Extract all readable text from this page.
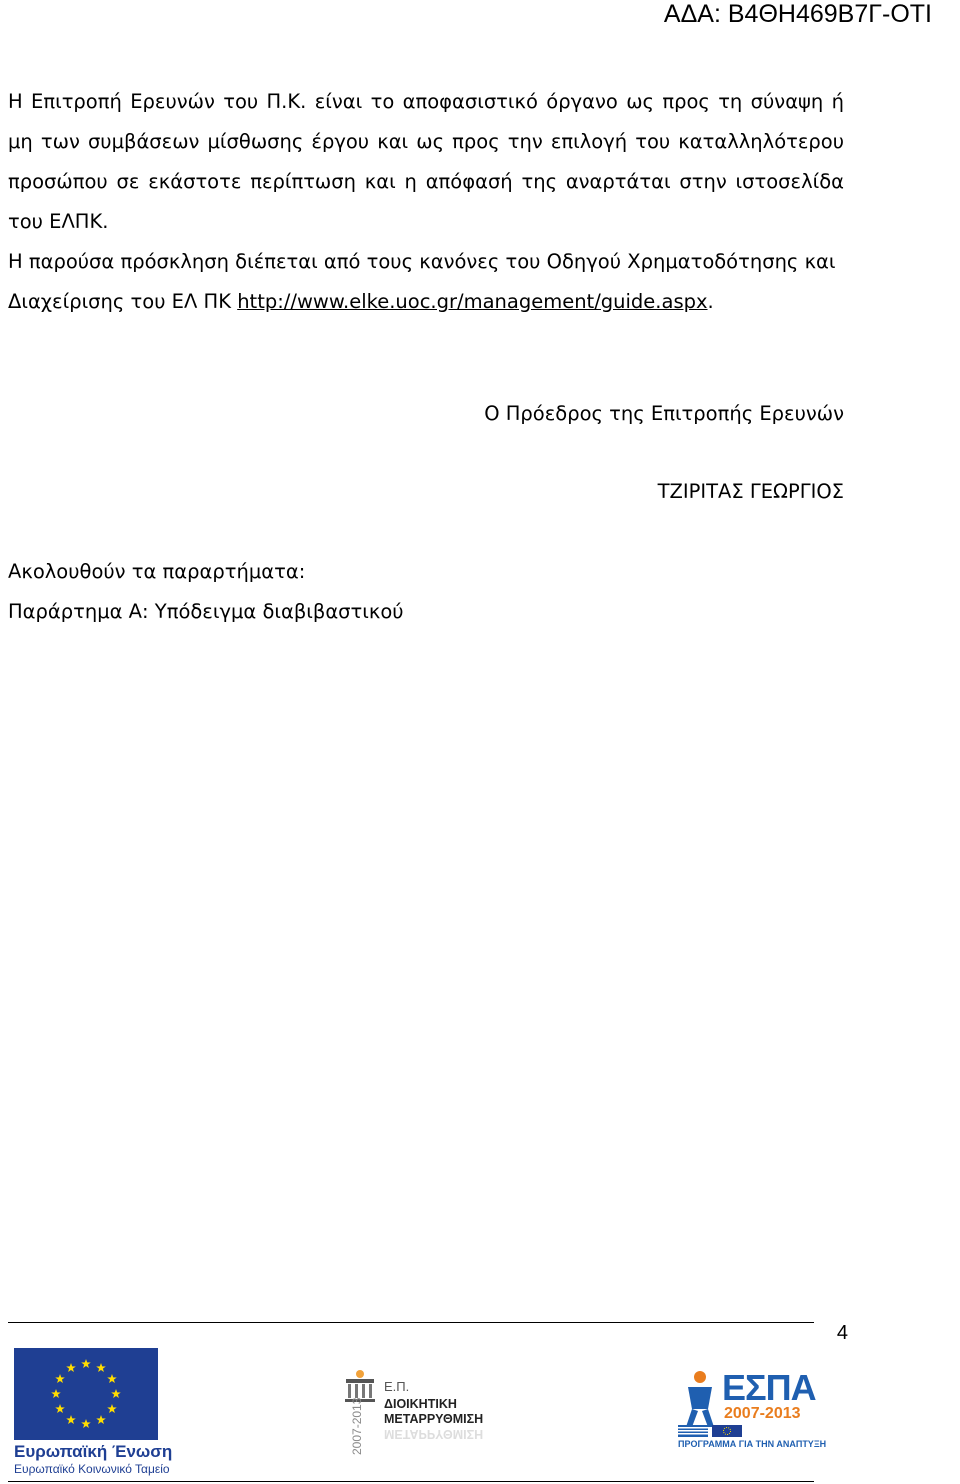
ΑΔΑ: Β4ΘΗ469Β7Γ-ΟΤΙ

Η Επιτροπή Ερευνών του Π.Κ. είναι το αποφασιστικό όργανο ως προς τη σύναψη ή μη των συμβάσεων μίσθωσης έργου και ως προς την επιλογή του καταλληλότερου προσώπου σε εκάστοτε περίπτωση και η απόφασή της αναρτάται στην ιστοσελίδα του ΕΛΠΚ.

Η παρούσα πρόσκληση διέπεται από τους κανόνες του Οδηγού Χρηματοδότησης και Διαχείρισης του ΕΛ ΠΚ http://www.elke.uoc.gr/management/guide.aspx.

Ο Πρόεδρος της Επιτροπής Ερευνών
ΤΖΙΡΙΤΑΣ ΓΕΩΡΓΙΟΣ
Ακολουθούν τα παραρτήματα:
Παράρτημα Α: Υπόδειγμα διαβιβαστικού
4
Ευρωπαϊκή Ένωση
Ευρωπαϊκό Κοινωνικό Ταμείο
2007-2013
Ε.Π.
ΔΙΟΙΚΗΤΙΚΗ
ΜΕΤΑΡΡΥΘΜΙΣΗ
ΜΕΤΑΡΡΥΘΜΙΣΗ
ΕΣΠΑ
2007-2013
ΠΡΟΓΡΑΜΜΑ ΓΙΑ ΤΗΝ ΑΝΑΠΤΥΞΗ
